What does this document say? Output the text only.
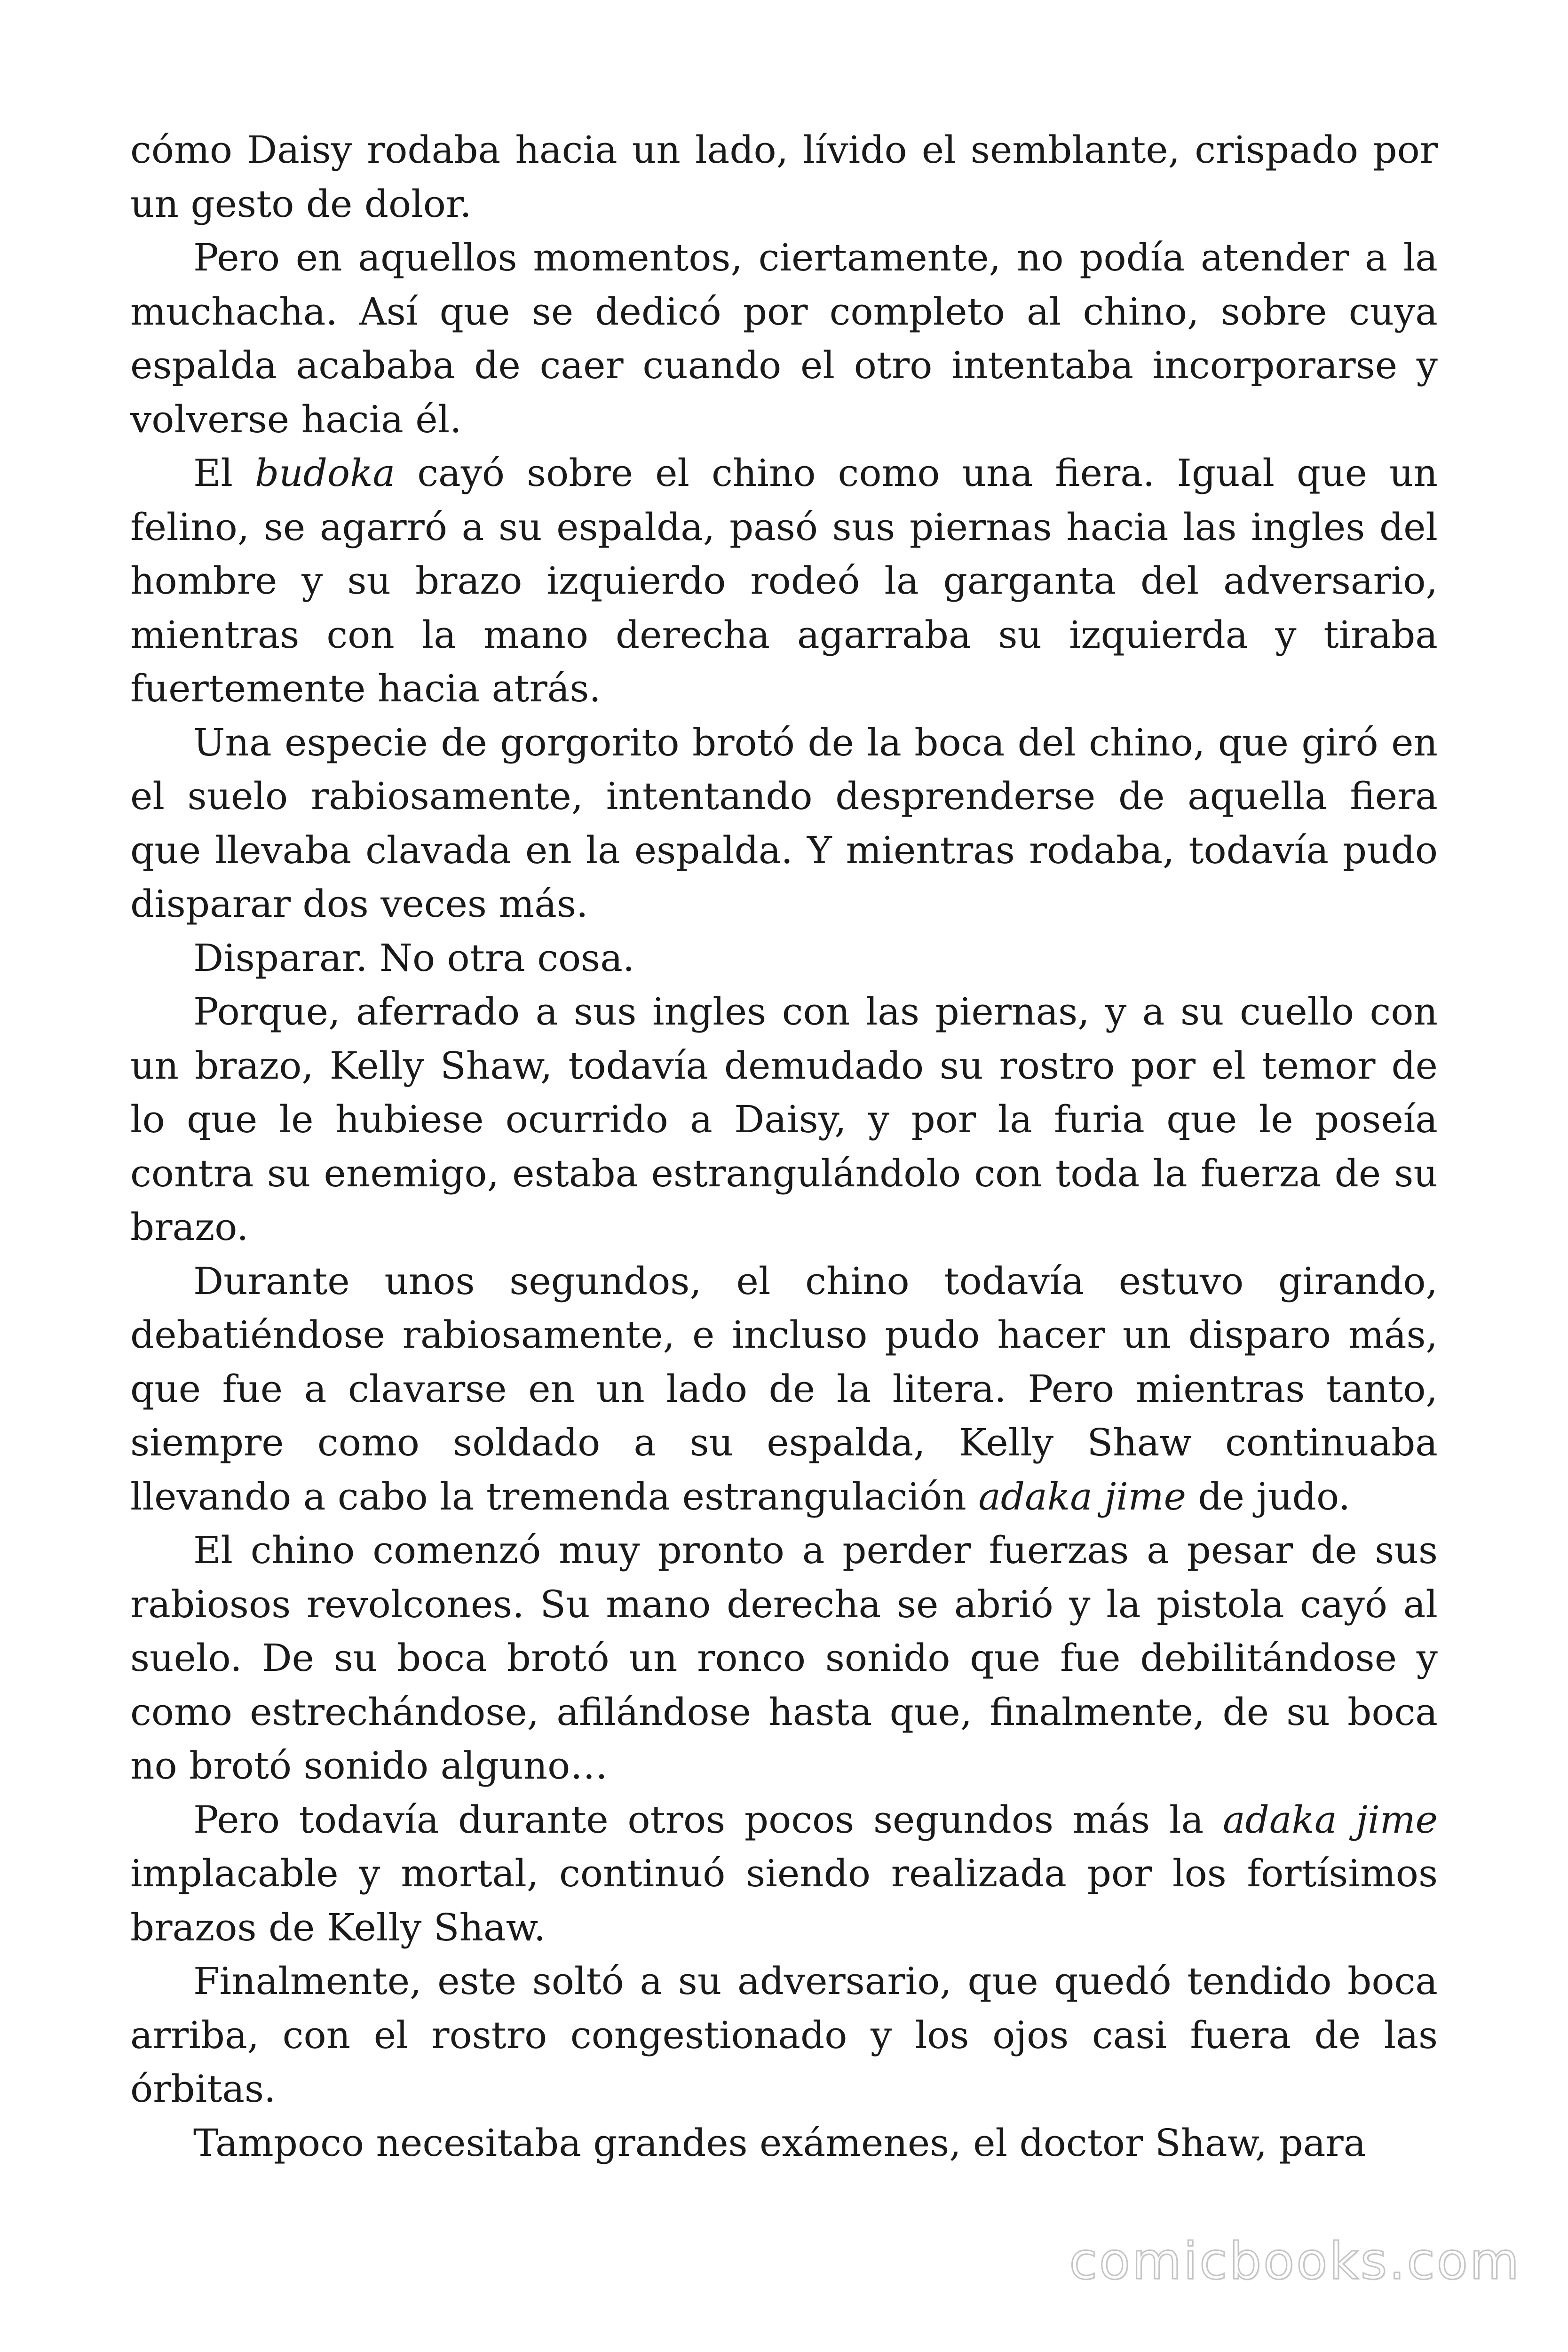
cómo Daisy rodaba hacia un lado, lívido el semblante, crispado por un gesto de dolor.

Pero en aquellos momentos, ciertamente, no podía atender a la muchacha. Así que se dedicó por completo al chino, sobre cuya espalda acababa de caer cuando el otro intentaba incorporarse y volverse hacia él.

El budoka cayó sobre el chino como una fiera. Igual que un felino, se agarró a su espalda, pasó sus piernas hacia las ingles del hombre y su brazo izquierdo rodeó la garganta del adversario, mientras con la mano derecha agarraba su izquierda y tiraba fuertemente hacia atrás.

Una especie de gorgorito brotó de la boca del chino, que giró en el suelo rabiosamente, intentando desprenderse de aquella fiera que llevaba clavada en la espalda. Y mientras rodaba, todavía pudo disparar dos veces más.

Disparar. No otra cosa.

Porque, aferrado a sus ingles con las piernas, y a su cuello con un brazo, Kelly Shaw, todavía demudado su rostro por el temor de lo que le hubiese ocurrido a Daisy, y por la furia que le poseía contra su enemigo, estaba estrangulándolo con toda la fuerza de su brazo.

Durante unos segundos, el chino todavía estuvo girando, debatiéndose rabiosamente, e incluso pudo hacer un disparo más, que fue a clavarse en un lado de la litera. Pero mientras tanto, siempre como soldado a su espalda, Kelly Shaw continuaba llevando a cabo la tremenda estrangulación adaka jime de judo.

El chino comenzó muy pronto a perder fuerzas a pesar de sus rabiosos revolcones. Su mano derecha se abrió y la pistola cayó al suelo. De su boca brotó un ronco sonido que fue debilitándose y como estrechándose, afilándose hasta que, finalmente, de su boca no brotó sonido alguno…

Pero todavía durante otros pocos segundos más la adaka jime implacable y mortal, continuó siendo realizada por los fortísimos brazos de Kelly Shaw.

Finalmente, este soltó a su adversario, que quedó tendido boca arriba, con el rostro congestionado y los ojos casi fuera de las órbitas.

Tampoco necesitaba grandes exámenes, el doctor Shaw, para

comicbooks.com
